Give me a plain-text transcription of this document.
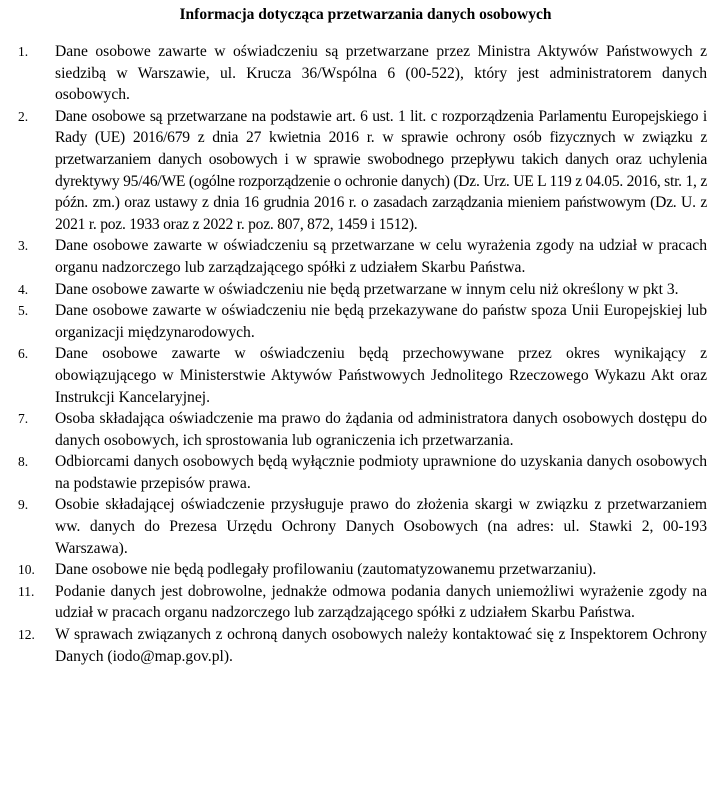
Informacja dotycząca przetwarzania danych osobowych
1.	Dane osobowe zawarte w oświadczeniu są przetwarzane przez Ministra Aktywów Państwowych z siedzibą w Warszawie, ul. Krucza 36/Wspólna 6 (00-522), który jest administratorem danych osobowych.
2.	Dane osobowe są przetwarzane na podstawie art. 6 ust. 1 lit. c rozporządzenia Parlamentu Europejskiego i Rady (UE) 2016/679 z dnia 27 kwietnia 2016 r. w sprawie ochrony osób fizycznych w związku z przetwarzaniem danych osobowych i w sprawie swobodnego przepływu takich danych oraz uchylenia dyrektywy 95/46/WE (ogólne rozporządzenie o ochronie danych) (Dz. Urz. UE L 119 z 04.05. 2016, str. 1, z późn. zm.) oraz ustawy z dnia 16 grudnia 2016 r. o zasadach zarządzania mieniem państwowym (Dz. U. z 2021 r. poz. 1933 oraz z 2022 r. poz. 807, 872, 1459 i 1512).
3.	Dane osobowe zawarte w oświadczeniu są przetwarzane w celu wyrażenia zgody na udział w pracach organu nadzorczego lub zarządzającego spółki z udziałem Skarbu Państwa.
4.	Dane osobowe zawarte w oświadczeniu nie będą przetwarzane w innym celu niż określony w pkt 3.
5.	Dane osobowe zawarte w oświadczeniu nie będą przekazywane do państw spoza Unii Europejskiej lub organizacji międzynarodowych.
6.	Dane osobowe zawarte w oświadczeniu będą przechowywane przez okres wynikający z obowiązującego w Ministerstwie Aktywów Państwowych Jednolitego Rzeczowego Wykazu Akt oraz Instrukcji Kancelaryjnej.
7.	Osoba składająca oświadczenie ma prawo do żądania od administratora danych osobowych dostępu do danych osobowych, ich sprostowania lub ograniczenia ich przetwarzania.
8.	Odbiorcami danych osobowych będą wyłącznie podmioty uprawnione do uzyskania danych osobowych na podstawie przepisów prawa.
9.	Osobie składającej oświadczenie przysługuje prawo do złożenia skargi w związku z przetwarzaniem ww. danych do Prezesa Urzędu Ochrony Danych Osobowych (na adres: ul. Stawki 2, 00-193 Warszawa).
10.	Dane osobowe nie będą podlegały profilowaniu (zautomatyzowanemu przetwarzaniu).
11.	Podanie danych jest dobrowolne, jednakże odmowa podania danych uniemożliwi wyrażenie zgody na udział w pracach organu nadzorczego lub zarządzającego spółki z udziałem Skarbu Państwa.
12.	W sprawach związanych z ochroną danych osobowych należy kontaktować się z Inspektorem Ochrony Danych (iodo@map.gov.pl).
